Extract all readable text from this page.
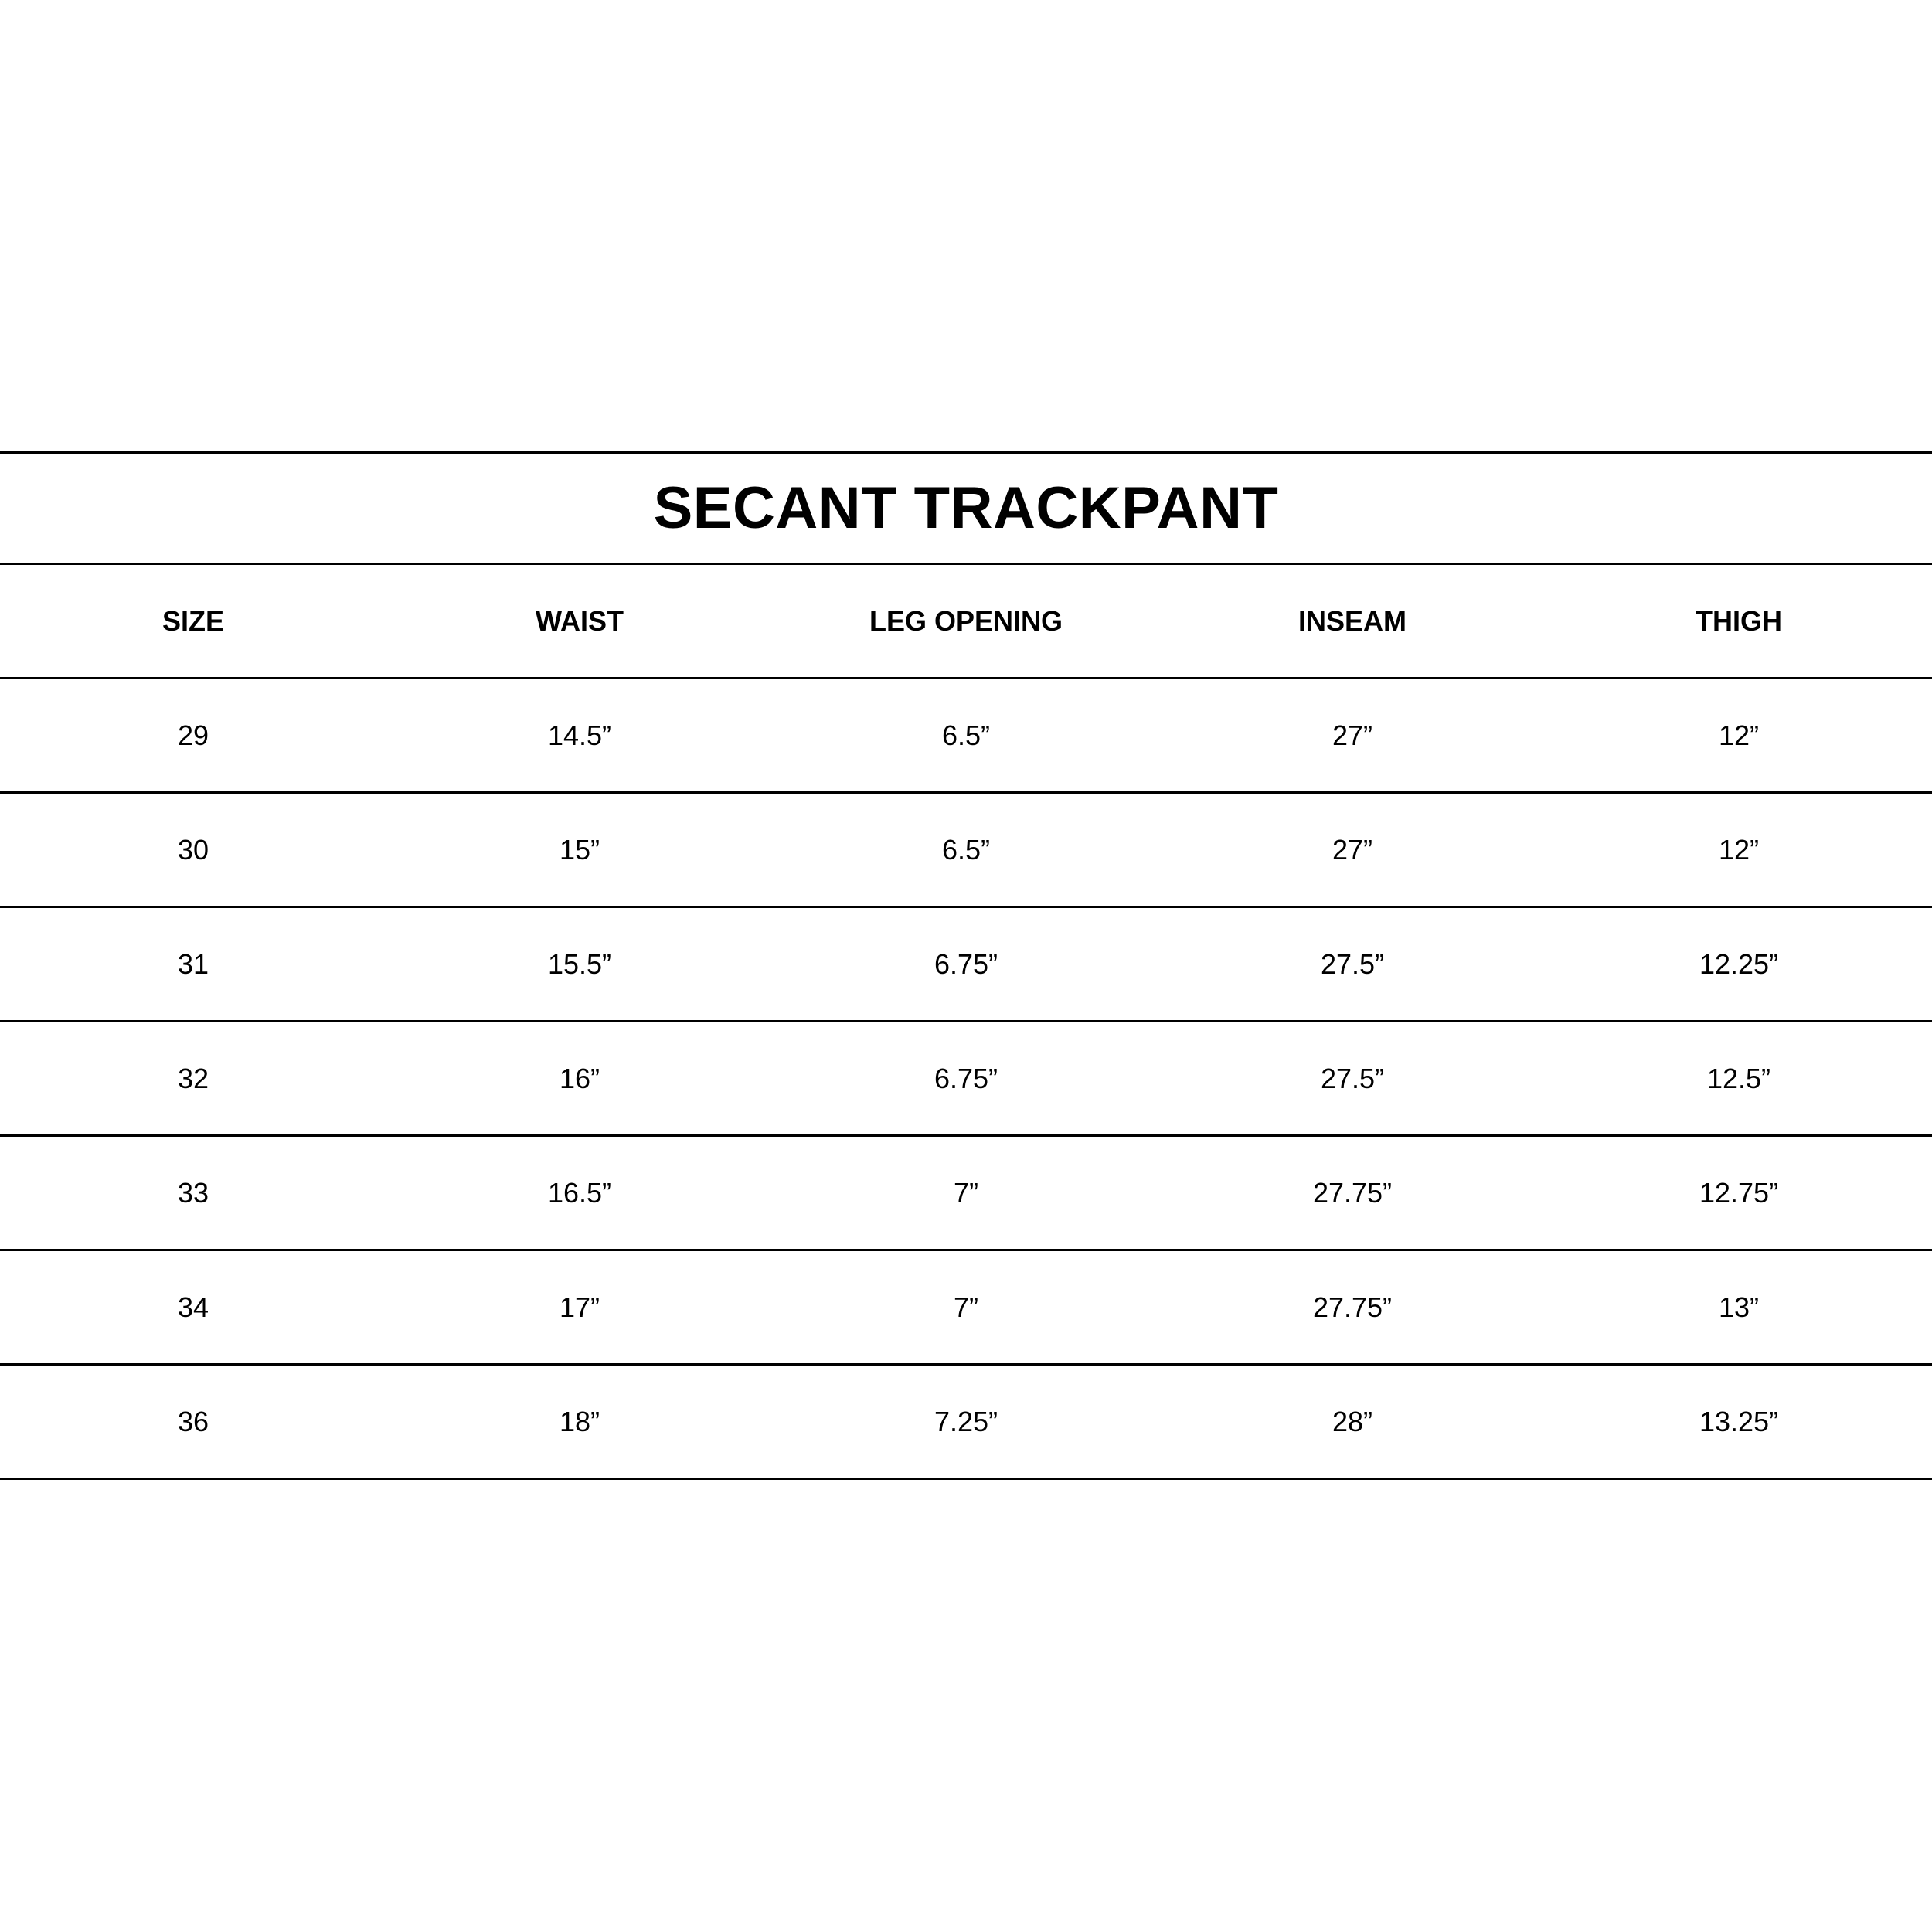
SECANT TRACKPANT
SIZE	WAIST	LEG OPENING	INSEAM	THIGH
29	14.5”	6.5”	27”	12”
30	15”	6.5”	27”	12”
31	15.5”	6.75”	27.5”	12.25”
32	16”	6.75”	27.5”	12.5”
33	16.5”	7”	27.75”	12.75”
34	17”	7”	27.75”	13”
36	18”	7.25”	28”	13.25”
